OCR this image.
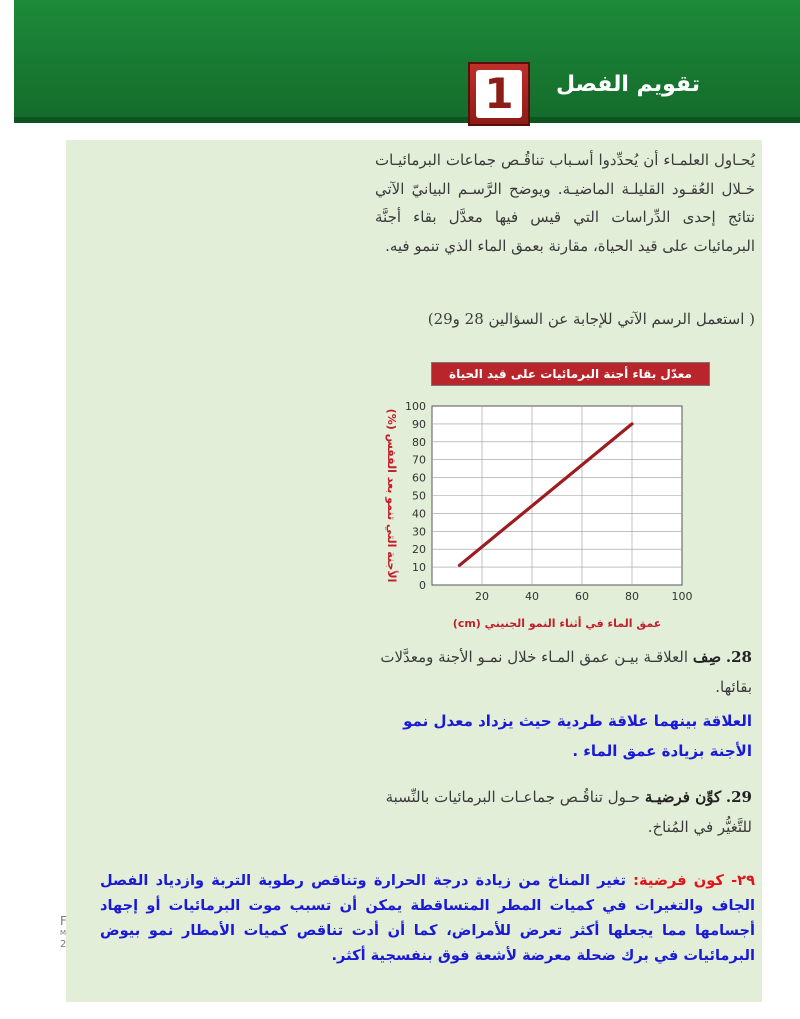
تقويم الفصل
1
يُحـاول العلمـاء أن يُحدِّدوا أسـباب تناقُـص جماعات البرمائيـات خـلال العُقـود القليلـة الماضيـة. ويوضح الرَّسـم البيانيّ الآتي نتائج إحدى الدِّراسات التي قيس فيها معدَّل بقاء أجنَّة البرمائيات على قيد الحياة، مقارنة بعمق الماء الذي تنمو فيه.
( استعمل الرسم الآتي للإجابة عن السؤالين 28 و29)
معدّل بقاء أجنة البرمائيات على قيد الحياة
0
10
20
30
40
50
60
70
80
90
100
20	40	60	80	100
الأجنة التي تنمو بعد الفقس (%)
عمق الماء في أثناء النمو الجنيني (cm)
28. صِف العلاقـة بيـن عمق المـاء خلال نمـو الأجنة ومعدَّلات بقائها.
العلاقة بينهما علاقة طردية حيث يزداد معدل نمو الأجنة بزيادة عمق الماء .
29. كوِّن فرضيـة حـول تناقُـص جماعـات البرمائيات بالنِّسبة للتَّغيُّر في المُناخ.
٢٩- كون فرضية: تغير المناخ من زيادة درجة الحرارة وتناقص رطوبة التربة وازدياد الفصل الجاف والتغيرات في كميات المطر المتساقطة يمكن أن تسبب موت البرمائيات أو إجهاد أجسامها مما يجعلها أكثر تعرض للأمراض، كما أن أدت تناقص كميات الأمطار نمو بيوض البرمائيات في برك ضحلة معرضة لأشعة فوق بنفسجية أكثر.
F
M
2
